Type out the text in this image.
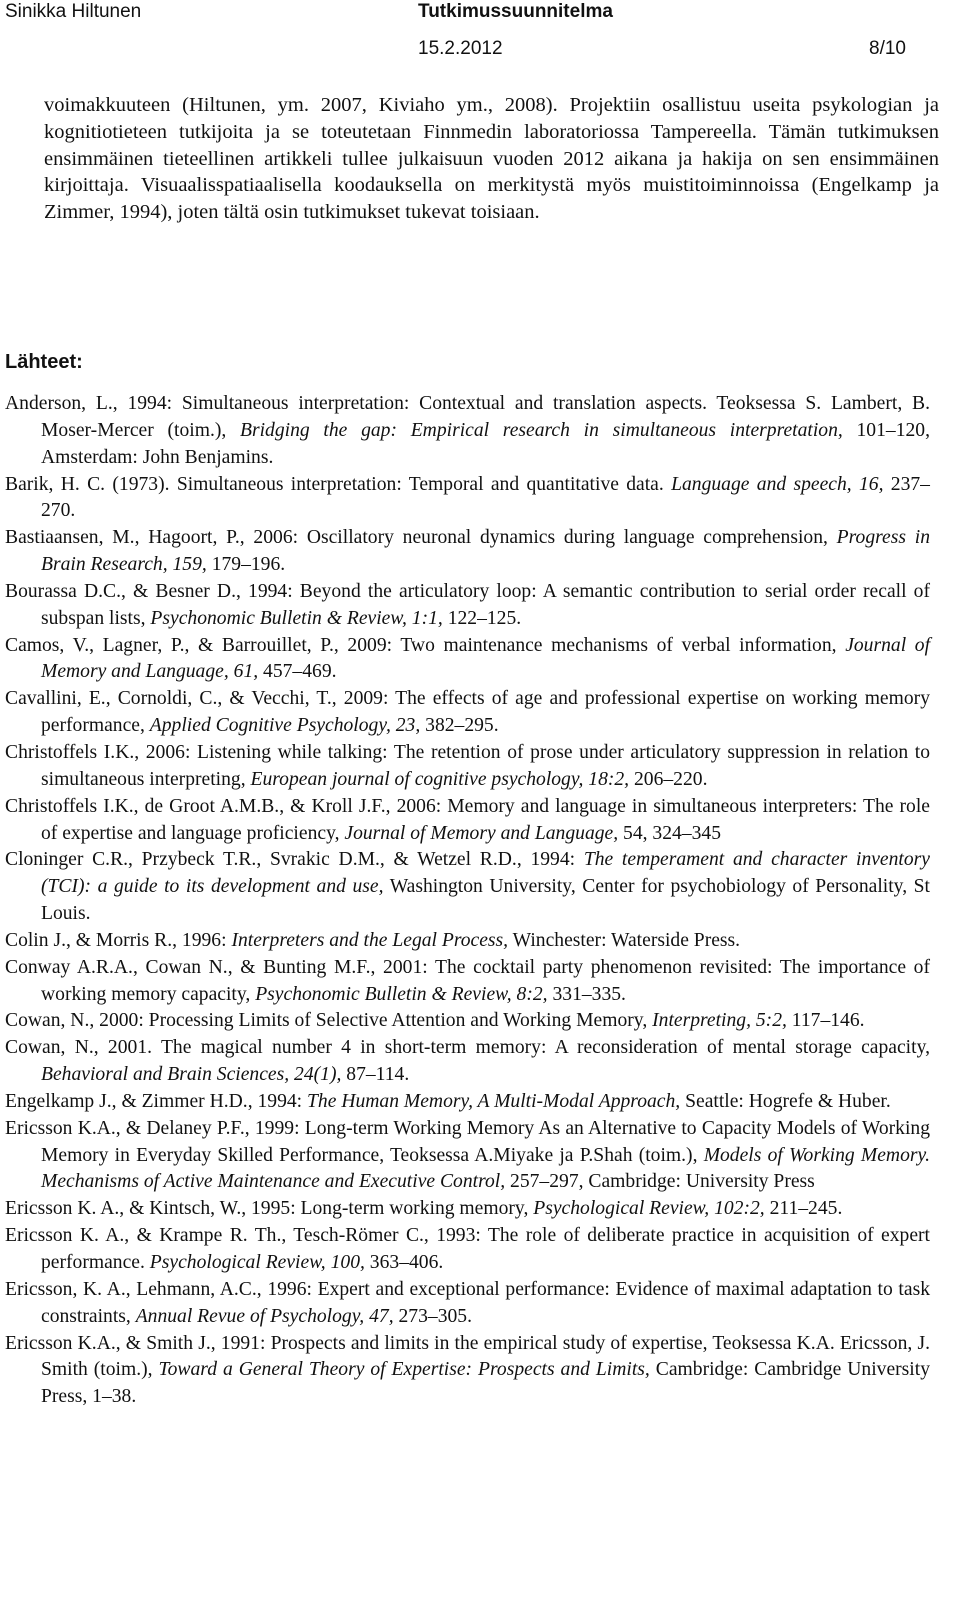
Sinikka Hiltunen	Tutkimussuunnitelma
15.2.2012	8/10

voimakkuuteen (Hiltunen, ym. 2007, Kiviaho ym., 2008). Projektiin osallistuu useita psykologian ja kognitiotieteen tutkijoita ja se toteutetaan Finnmedin laboratoriossa Tampereella. Tämän tutkimuksen ensimmäinen tieteellinen artikkeli tullee julkaisuun vuoden 2012 aikana ja hakija on sen ensimmäinen kirjoittaja. Visuaalisspatiaalisella koodauksella on merkitystä myös muistitoiminnoissa (Engelkamp ja Zimmer, 1994), joten tältä osin tutkimukset tukevat toisiaan.

Lähteet:
Anderson, L., 1994: Simultaneous interpretation: Contextual and translation aspects. Teoksessa S. Lambert, B. Moser-Mercer (toim.), Bridging the gap: Empirical research in simultaneous interpretation, 101–120, Amsterdam: John Benjamins.
Barik, H. C. (1973). Simultaneous interpretation: Temporal and quantitative data. Language and speech, 16, 237–270.
Bastiaansen, M., Hagoort, P., 2006: Oscillatory neuronal dynamics during language comprehension, Progress in Brain Research, 159, 179–196.
Bourassa D.C., & Besner D., 1994: Beyond the articulatory loop: A semantic contribution to serial order recall of subspan lists, Psychonomic Bulletin & Review, 1:1, 122–125.
Camos, V., Lagner, P., & Barrouillet, P., 2009: Two maintenance mechanisms of verbal information, Journal of Memory and Language, 61, 457–469.
Cavallini, E., Cornoldi, C., & Vecchi, T., 2009: The effects of age and professional expertise on working memory performance, Applied Cognitive Psychology, 23, 382–295.
Christoffels I.K., 2006: Listening while talking: The retention of prose under articulatory suppression in relation to simultaneous interpreting, European journal of cognitive psychology, 18:2, 206–220.
Christoffels I.K., de Groot A.M.B., & Kroll J.F., 2006: Memory and language in simultaneous interpreters: The role of expertise and language proficiency, Journal of Memory and Language, 54, 324–345
Cloninger C.R., Przybeck T.R., Svrakic D.M., & Wetzel R.D., 1994: The temperament and character inventory (TCI): a guide to its development and use, Washington University, Center for psychobiology of Personality, St Louis.
Colin J., & Morris R., 1996: Interpreters and the Legal Process, Winchester: Waterside Press.
Conway A.R.A., Cowan N., & Bunting M.F., 2001: The cocktail party phenomenon revisited: The importance of working memory capacity, Psychonomic Bulletin & Review, 8:2, 331–335.
Cowan, N., 2000: Processing Limits of Selective Attention and Working Memory, Interpreting, 5:2, 117–146.
Cowan, N., 2001. The magical number 4 in short-term memory: A reconsideration of mental storage capacity, Behavioral and Brain Sciences, 24(1), 87–114.
Engelkamp J., & Zimmer H.D., 1994: The Human Memory, A Multi-Modal Approach, Seattle: Hogrefe & Huber.
Ericsson K.A., & Delaney P.F., 1999: Long-term Working Memory As an Alternative to Capacity Models of Working Memory in Everyday Skilled Performance, Teoksessa A.Miyake ja P.Shah (toim.), Models of Working Memory. Mechanisms of Active Maintenance and Executive Control, 257–297, Cambridge: University Press
Ericsson K. A., & Kintsch, W., 1995: Long-term working memory, Psychological Review, 102:2, 211–245.
Ericsson K. A., & Krampe R. Th., Tesch-Römer C., 1993: The role of deliberate practice in acquisition of expert performance. Psychological Review, 100, 363–406.
Ericsson, K. A., Lehmann, A.C., 1996: Expert and exceptional performance: Evidence of maximal adaptation to task constraints, Annual Revue of Psychology, 47, 273–305.
Ericsson K.A., & Smith J., 1991: Prospects and limits in the empirical study of expertise, Teoksessa K.A. Ericsson, J. Smith (toim.), Toward a General Theory of Expertise: Prospects and Limits, Cambridge: Cambridge University Press, 1–38.
